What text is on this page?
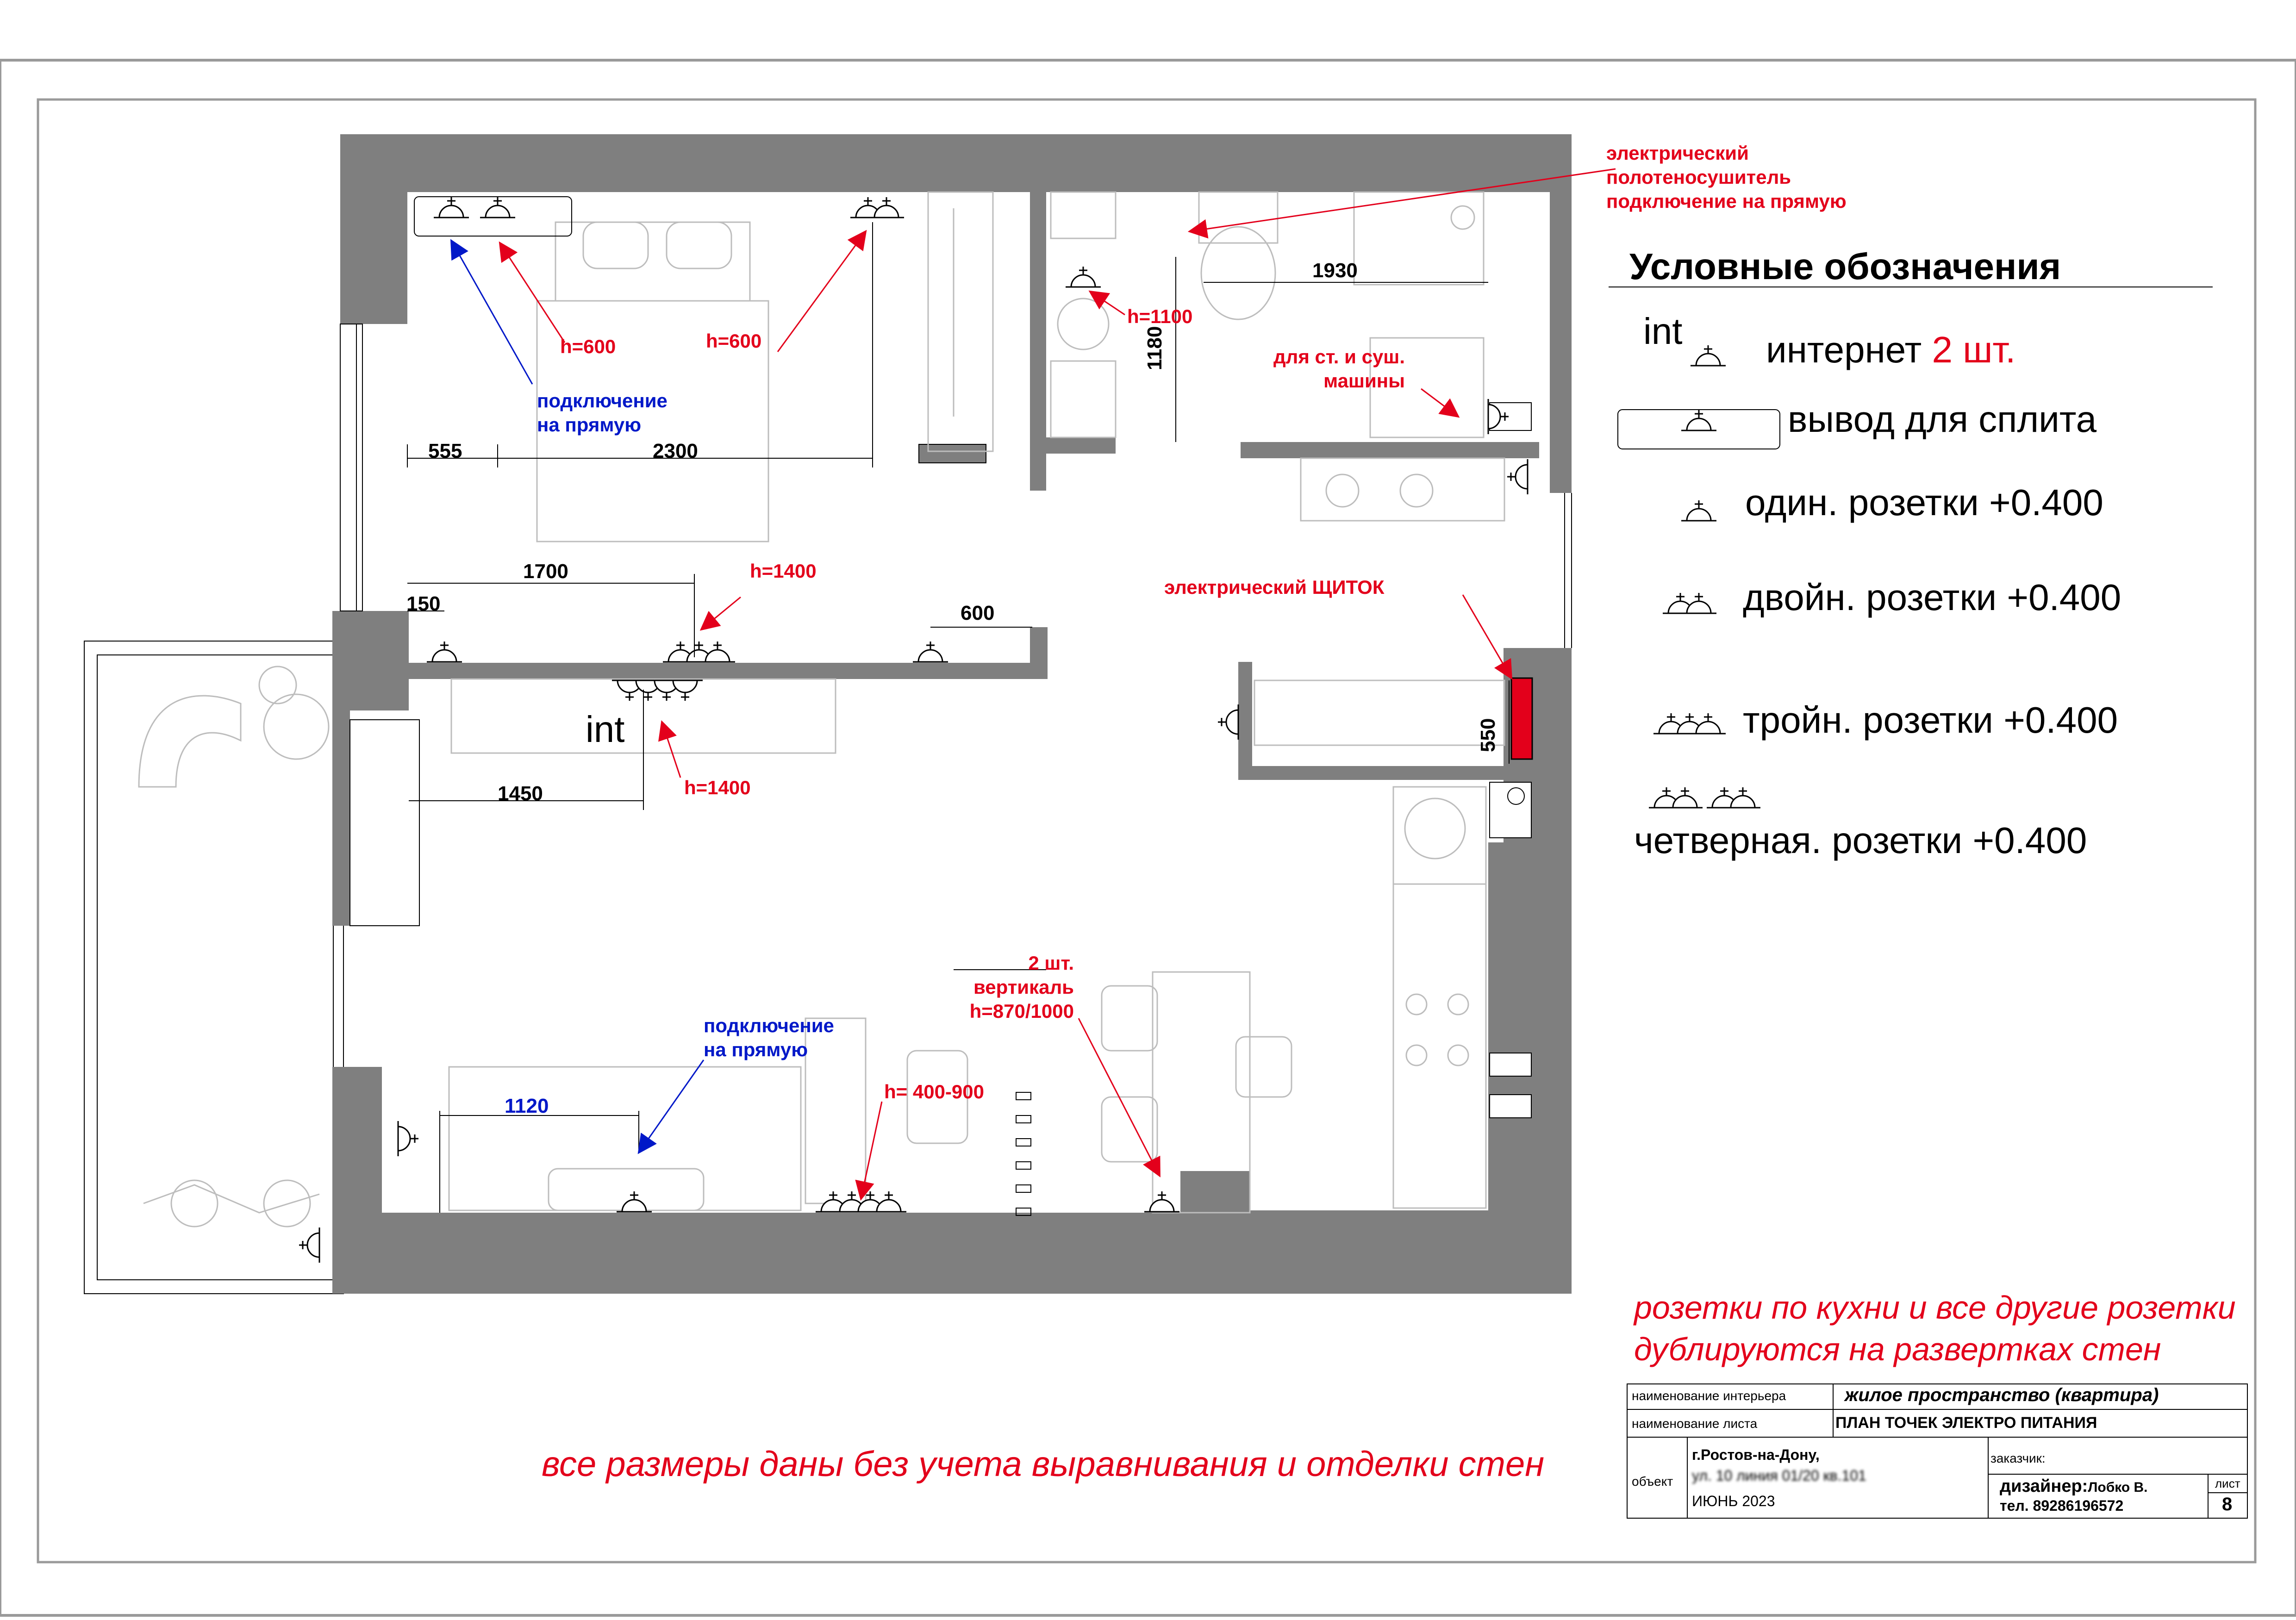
электрический
полотеносушитель
подключение на прямую
Условные обозначения
int интернет 2 шт.
вывод для сплита
один. розетки +0.400
двойн. розетки +0.400
тройн. розетки +0.400
четверная. розетки +0.400
h=600	h=600
подключение
на прямую
h=1100
для ст. и суш.
машины
h=1400
h=1400
электрический ЩИТОК
int
2 шт.
вертикаль
h=870/1000
подключение
на прямую
h= 400-900
555	2300
1700
150	600
1450
1930
1180
550
1120
розетки по кухни и все другие розетки
дублируются на развертках стен
все размеры даны без учета выравнивания и отделки стен
наименование интерьера	жилое пространство (квартира)
наименование листа	ПЛАН ТОЧЕК ЭЛЕКТРО ПИТАНИЯ
объект
г.Ростов-на-Дону,
ул. 10 линия 01/20 кв.101
ИЮНЬ 2023
заказчик:
дизайнер:Лобко В.
тел. 89286196572
лист
8
